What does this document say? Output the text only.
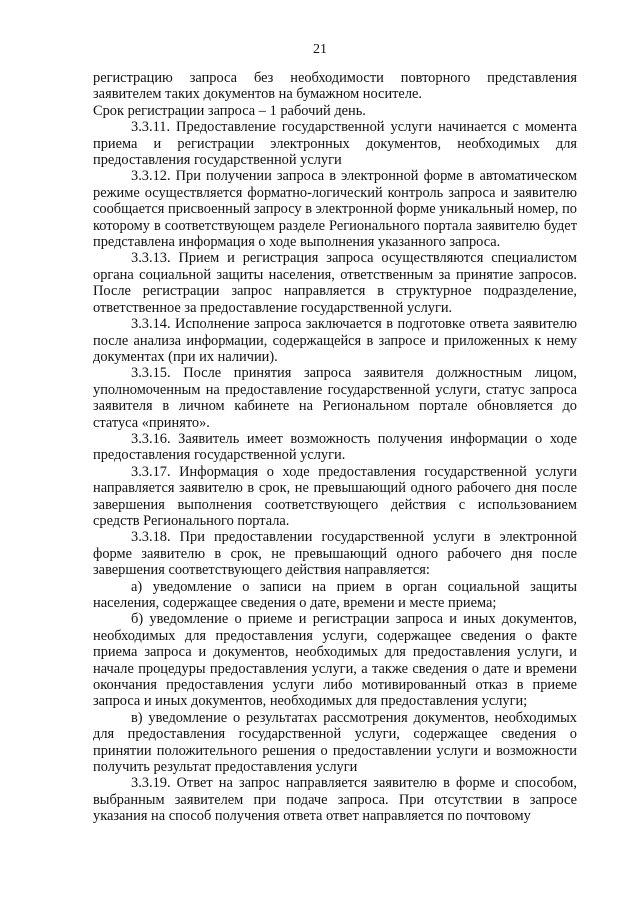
21

регистрацию запроса без необходимости повторного представления заявителем таких документов на бумажном носителе.

Срок регистрации запроса – 1 рабочий день.

3.3.11. Предоставление государственной услуги начинается с момента приема и регистрации электронных документов, необходимых для предоставления государственной услуги

3.3.12. При получении запроса в электронной форме в автоматическом режиме осуществляется форматно-логический контроль запроса и заявителю сообщается присвоенный запросу в электронной форме уникальный номер, по которому в соответствующем разделе Регионального портала заявителю будет представлена информация о ходе выполнения указанного запроса.

3.3.13. Прием и регистрация запроса осуществляются специалистом органа социальной защиты населения, ответственным за принятие запросов. После регистрации запрос направляется в структурное подразделение, ответственное за предоставление государственной услуги.

3.3.14. Исполнение запроса заключается в подготовке ответа заявителю после анализа информации, содержащейся в запросе и приложенных к нему документах (при их наличии).

3.3.15. После принятия запроса заявителя должностным лицом, уполномоченным на предоставление государственной услуги, статус запроса заявителя в личном кабинете на Региональном портале обновляется до статуса «принято».

3.3.16. Заявитель имеет возможность получения информации о ходе предоставления государственной услуги.

3.3.17. Информация о ходе предоставления государственной услуги направляется заявителю в срок, не превышающий одного рабочего дня после завершения выполнения соответствующего действия с использованием средств Регионального портала.

3.3.18. При предоставлении государственной услуги в электронной форме заявителю в срок, не превышающий одного рабочего дня после завершения соответствующего действия направляется:

а) уведомление о записи на прием в орган социальной защиты населения, содержащее сведения о дате, времени и месте приема;

б) уведомление о приеме и регистрации запроса и иных документов, необходимых для предоставления услуги, содержащее сведения о факте приема запроса и документов, необходимых для предоставления услуги, и начале процедуры предоставления услуги, а также сведения о дате и времени окончания предоставления услуги либо мотивированный отказ в приеме запроса и иных документов, необходимых для предоставления услуги;

в) уведомление о результатах рассмотрения документов, необходимых для предоставления государственной услуги, содержащее сведения о принятии положительного решения о предоставлении услуги и возможности получить результат предоставления услуги

3.3.19. Ответ на запрос направляется заявителю в форме и способом, выбранным заявителем при подаче запроса. При отсутствии в запросе указания на способ получения ответа ответ направляется по почтовому
